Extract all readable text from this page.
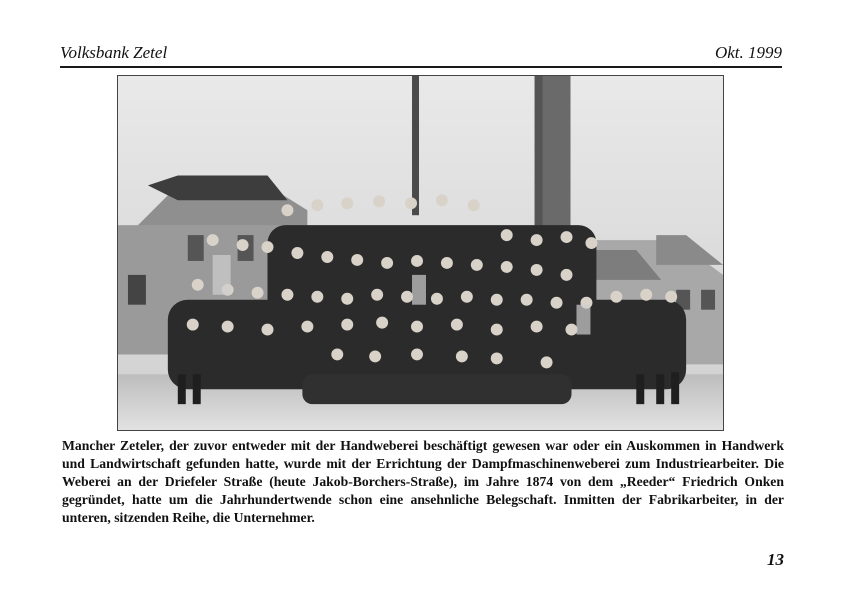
Volksbank Zetel	Okt. 1999
Mancher Zeteler, der zuvor entweder mit der Handweberei beschäftigt gewesen war oder ein Auskommen in Handwerk und Landwirtschaft gefunden hatte, wurde mit der Errichtung der Dampfmaschinenweberei zum Industriearbeiter. Die Weberei an der Driefeler Straße (heute Jakob-Borchers-Straße), im Jahre 1874 von dem „Reeder“ Friedrich Onken gegründet, hatte um die Jahrhundertwende schon eine ansehnliche Belegschaft. Inmitten der Fabrikarbeiter, in der unteren, sitzenden Reihe, die Unternehmer.
13
